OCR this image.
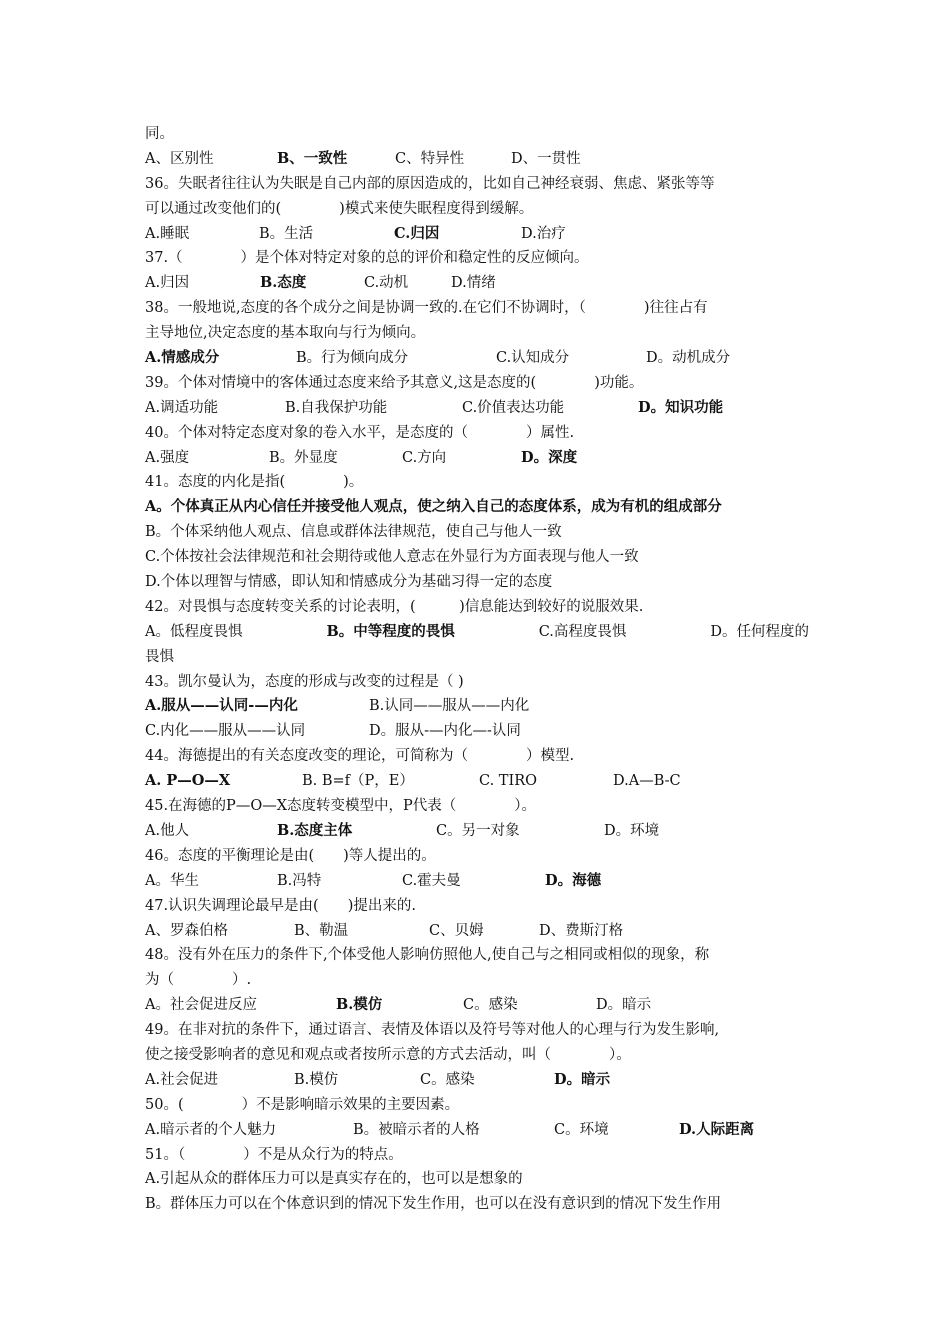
同。
A、区别性	B、一致性	C、特异性	D、一贯性
36。失眠者往往认为失眠是自己内部的原因造成的，比如自己神经衰弱、焦虑、紧张等等
可以通过改变他们的(　　　　)模式来使失眠程度得到缓解。
A.睡眠	B。生活	C.归因	D.治疗
37.（　　　　）是个体对特定对象的总的评价和稳定性的反应倾向。
A.归因	B.态度	C.动机	D.情绪
38。一般地说,态度的各个成分之间是协调一致的.在它们不协调时，（　　　　)往往占有
主导地位,决定态度的基本取向与行为倾向。
A.情感成分	B。行为倾向成分	C.认知成分	D。动机成分
39。个体对情境中的客体通过态度来给予其意义,这是态度的(　　　　)功能。
A.调适功能	B.自我保护功能	C.价值表达功能	D。知识功能
40。个体对特定态度对象的卷入水平，是态度的（　　　　）属性.
A.强度	B。外显度	C.方向	D。深度
41。态度的内化是指(　　　　)。
A。个体真正从内心信任并接受他人观点，使之纳入自己的态度体系，成为有机的组成部分
B。个体采纳他人观点、信息或群体法律规范，使自己与他人一致
C.个体按社会法律规范和社会期待或他人意志在外显行为方面表现与他人一致
D.个体以理智与情感，即认知和情感成分为基础习得一定的态度
42。对畏惧与态度转变关系的讨论表明，(　　　)信息能达到较好的说服效果.
A。低程度畏惧	B。中等程度的畏惧	C.高程度畏惧	D。任何程度的
畏惧
43。凯尔曼认为，态度的形成与改变的过程是（ )
A.服从——认同-—内化	B.认同——服从——内化
C.内化——服从——认同	D。服从-—内化—-认同
44。海德提出的有关态度改变的理论，可简称为（　　　　）模型.
A. P—O—X	B. B=f（P，E）	C. TIRO	D.A—B-C
45.在海德的P—O—X态度转变模型中，P代表（　　　　）。
A.他人	B.态度主体	C。另一对象	D。环境
46。态度的平衡理论是由(　　)等人提出的。
A。华生	B.冯特	C.霍夫曼	D。海德
47.认识失调理论最早是由(　　)提出来的.
A、罗森伯格	B、勒温	C、贝姆	D、费斯汀格
48。没有外在压力的条件下,个体受他人影响仿照他人,使自己与之相同或相似的现象，称
为（　　　　）.
A。社会促进反应	B.模仿	C。感染	D。暗示
49。在非对抗的条件下，通过语言、表情及体语以及符号等对他人的心理与行为发生影响,
使之接受影响者的意见和观点或者按所示意的方式去活动，叫（　　　　）。
A.社会促进	B.模仿	C。感染	D。暗示
50。(　　　　）不是影响暗示效果的主要因素。
A.暗示者的个人魅力	B。被暗示者的人格	C。环境	D.人际距离
51。（　　　　）不是从众行为的特点。
A.引起从众的群体压力可以是真实存在的，也可以是想象的
B。群体压力可以在个体意识到的情况下发生作用，也可以在没有意识到的情况下发生作用
